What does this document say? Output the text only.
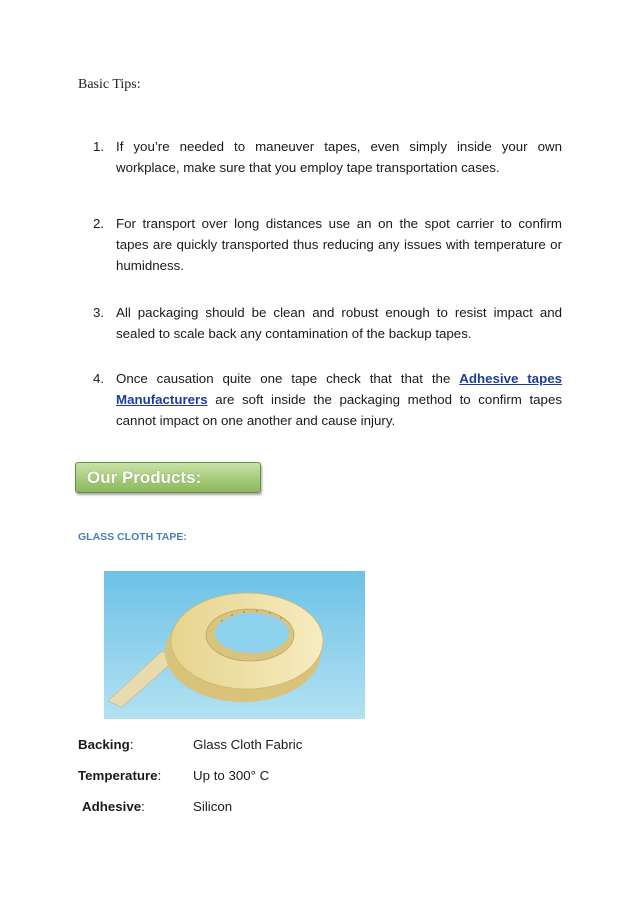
Basic Tips:
1. If you’re needed to maneuver tapes, even simply inside your own workplace, make sure that you employ tape transportation cases.
2. For transport over long distances use an on the spot carrier to confirm tapes are quickly transported thus reducing any issues with temperature or humidness.
3. All packaging should be clean and robust enough to resist impact and sealed to scale back any contamination of the backup tapes.
4. Once causation quite one tape check that that the Adhesive tapes Manufacturers are soft inside the packaging method to confirm tapes cannot impact on one another and cause injury.
Our Products:
GLASS CLOTH TAPE:
Backing:	Glass Cloth Fabric
Temperature: Up to 300° C
Adhesive:	Silicon
